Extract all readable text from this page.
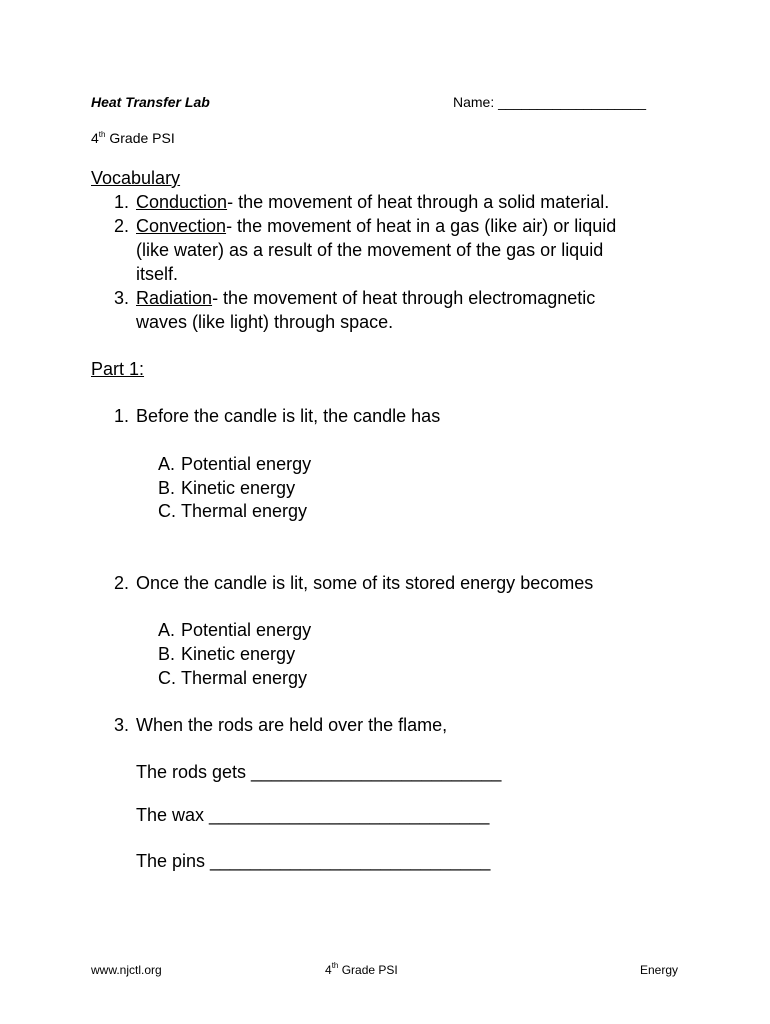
Heat Transfer Lab	Name: ___________________
4th Grade PSI
Vocabulary
1. Conduction- the movement of heat through a solid material.
2. Convection- the movement of heat in a gas (like air) or liquid
(like water) as a result of the movement of the gas or liquid
itself.
3. Radiation- the movement of heat through electromagnetic
waves (like light) through space.
Part 1:
1. Before the candle is lit, the candle has
A. Potential energy
B. Kinetic energy
C. Thermal energy
2. Once the candle is lit, some of its stored energy becomes
A. Potential energy
B. Kinetic energy
C. Thermal energy
3. When the rods are held over the flame,
The rods gets _________________________
The wax ____________________________
The pins ____________________________
www.njctl.org	4th Grade PSI	Energy
